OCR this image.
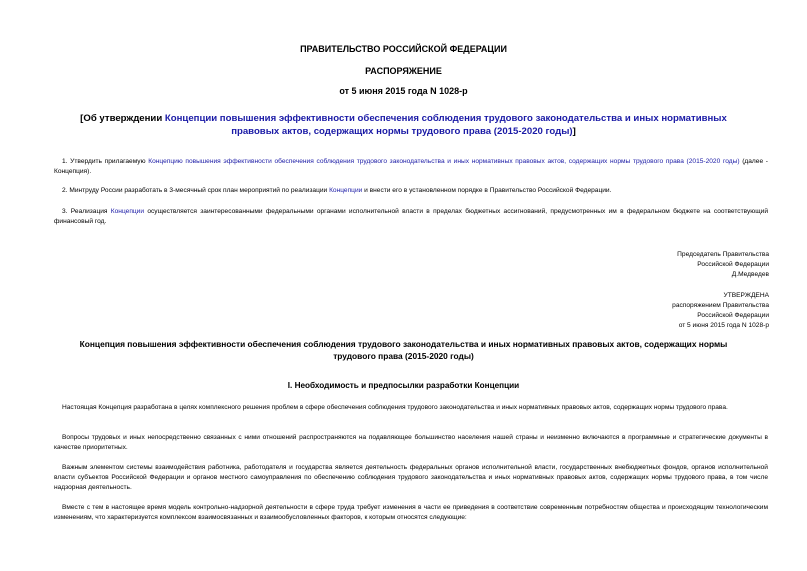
ПРАВИТЕЛЬСТВО РОССИЙСКОЙ ФЕДЕРАЦИИ
РАСПОРЯЖЕНИЕ
от 5 июня 2015 года N 1028-р
[Об утверждении Концепции повышения эффективности обеспечения соблюдения трудового законодательства и иных нормативных правовых актов, содержащих нормы трудового права (2015-2020 годы)]
1. Утвердить прилагаемую Концепцию повышения эффективности обеспечения соблюдения трудового законодательства и иных нормативных правовых актов, содержащих нормы трудового права (2015-2020 годы) (далее - Концепция).
2. Минтруду России разработать в 3-месячный срок план мероприятий по реализации Концепции и внести его в установленном порядке в Правительство Российской Федерации.
3. Реализация Концепции осуществляется заинтересованными федеральными органами исполнительной власти в пределах бюджетных ассигнований, предусмотренных им в федеральном бюджете на соответствующий финансовый год.
Председатель Правительства
Российской Федерации
Д.Медведев
УТВЕРЖДЕНА
распоряжением Правительства
Российской Федерации
от 5 июня 2015 года N 1028-р
Концепция повышения эффективности обеспечения соблюдения трудового законодательства и иных нормативных правовых актов, содержащих нормы трудового права (2015-2020 годы)
I. Необходимость и предпосылки разработки Концепции
Настоящая Концепция разработана в целях комплексного решения проблем в сфере обеспечения соблюдения трудового законодательства и иных нормативных правовых актов, содержащих нормы трудового права.
Вопросы трудовых и иных непосредственно связанных с ними отношений распространяются на подавляющее большинство населения нашей страны и неизменно включаются в программные и стратегические документы в качестве приоритетных.
Важным элементом системы взаимодействия работника, работодателя и государства является деятельность федеральных органов исполнительной власти, государственных внебюджетных фондов, органов исполнительной власти субъектов Российской Федерации и органов местного самоуправления по обеспечению соблюдения трудового законодательства и иных нормативных правовых актов, содержащих нормы трудового права, в том числе надзорная деятельность.
Вместе с тем в настоящее время модель контрольно-надзорной деятельности в сфере труда требует изменения в части ее приведения в соответствие современным потребностям общества и происходящим технологическим изменениям, что характеризуется комплексом взаимосвязанных и взаимообусловленных факторов, к которым относятся следующие:
